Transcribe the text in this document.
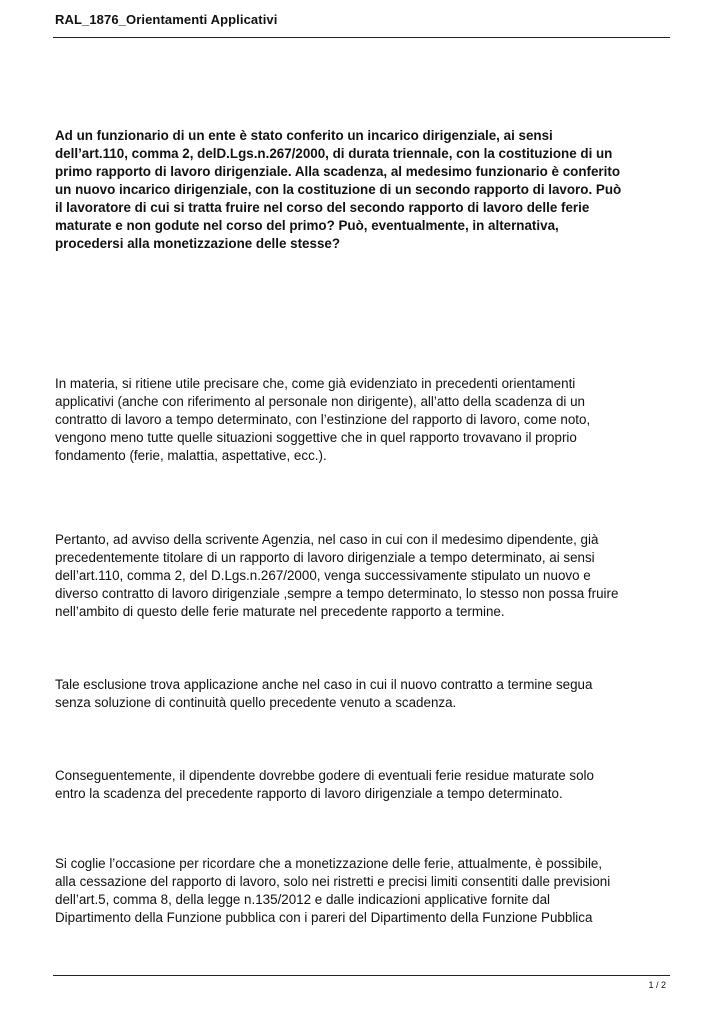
RAL_1876_Orientamenti Applicativi
Ad un funzionario di un ente è stato conferito un incarico dirigenziale, ai sensi
dell’art.110, comma 2, delD.Lgs.n.267/2000, di durata triennale, con la costituzione di un
primo rapporto di lavoro dirigenziale. Alla scadenza, al medesimo funzionario è conferito
un nuovo incarico dirigenziale, con la costituzione di un secondo rapporto di lavoro. Può
il lavoratore di cui si tratta fruire nel corso del secondo rapporto di lavoro delle ferie
maturate e non godute nel corso del primo? Può, eventualmente, in alternativa,
procedersi alla monetizzazione delle stesse?
In materia, si ritiene utile precisare che, come già evidenziato in precedenti orientamenti
applicativi (anche con riferimento al personale non dirigente), all’atto della scadenza di un
contratto di lavoro a tempo determinato, con l’estinzione del rapporto di lavoro, come noto,
vengono meno tutte quelle situazioni soggettive che in quel rapporto trovavano il proprio
fondamento (ferie, malattia, aspettative, ecc.).
Pertanto, ad avviso della scrivente Agenzia, nel caso in cui con il medesimo dipendente, già
precedentemente titolare di un rapporto di lavoro dirigenziale a tempo determinato, ai sensi
dell’art.110, comma 2, del D.Lgs.n.267/2000, venga successivamente stipulato un nuovo e
diverso contratto di lavoro dirigenziale ,sempre a tempo determinato, lo stesso non possa fruire
nell’ambito di questo delle ferie maturate nel precedente rapporto a termine.
Tale esclusione trova applicazione anche nel caso in cui il nuovo contratto a termine segua
senza soluzione di continuità quello precedente venuto a scadenza.
Conseguentemente, il dipendente dovrebbe godere di eventuali ferie residue maturate solo
entro la scadenza del precedente rapporto di lavoro dirigenziale a tempo determinato.
Si coglie l’occasione per ricordare che a monetizzazione delle ferie, attualmente, è possibile,
alla cessazione del rapporto di lavoro, solo nei ristretti e precisi limiti consentiti dalle previsioni
dell’art.5, comma 8, della legge n.135/2012 e dalle indicazioni applicative fornite dal
Dipartimento della Funzione pubblica con i pareri del Dipartimento della Funzione Pubblica
1 / 2
